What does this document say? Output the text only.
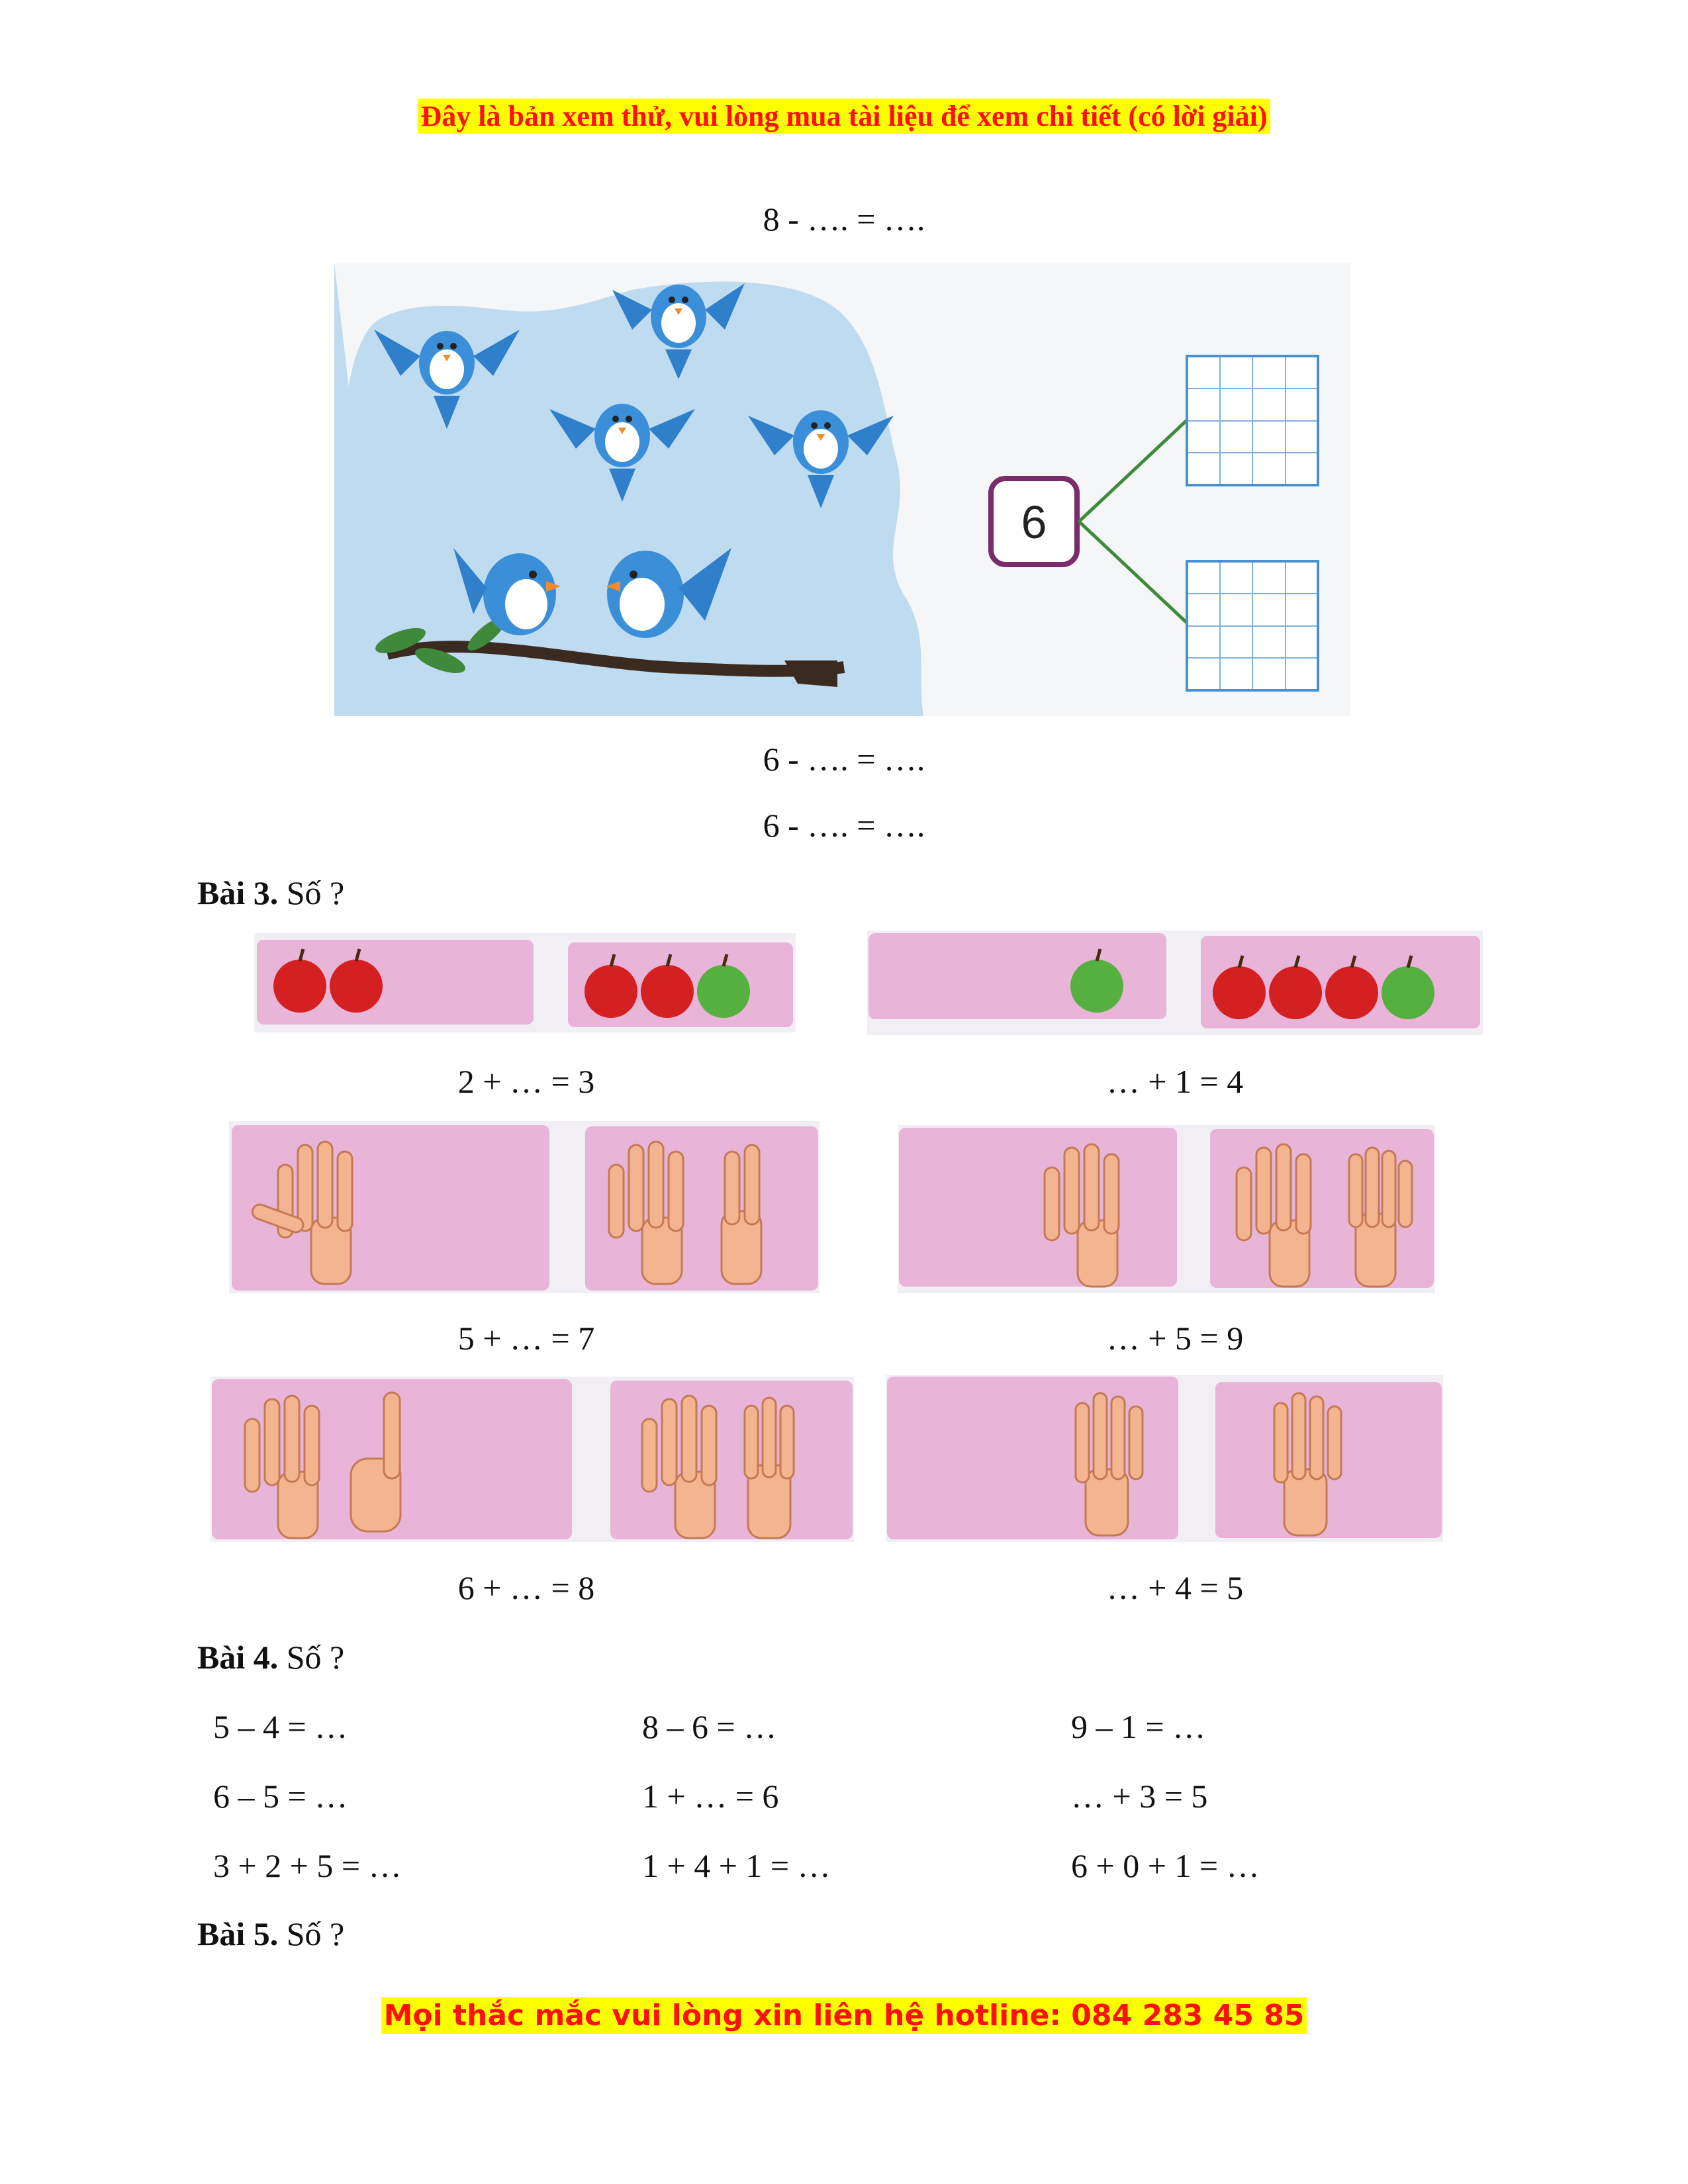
Đây là bản xem thử, vui lòng mua tài liệu để xem chi tiết (có lời giải)
8 - …. = ….
6
6 - …. = ….
6 - …. = ….
Bài 3. Số ?
2 + … = 3	… + 1 = 4
5 + … = 7	… + 5 = 9
6 + … = 8	… + 4 = 5
Bài 4. Số ?
5 – 4 = …	8 – 6 = …	9 – 1 = …
6 – 5 = …	1 + … = 6	… + 3 = 5
3 + 2 + 5 = …	1 + 4 + 1 = …	6 + 0 + 1 = …
Bài 5. Số ?
Mọi thắc mắc vui lòng xin liên hệ hotline: 084 283 45 85
